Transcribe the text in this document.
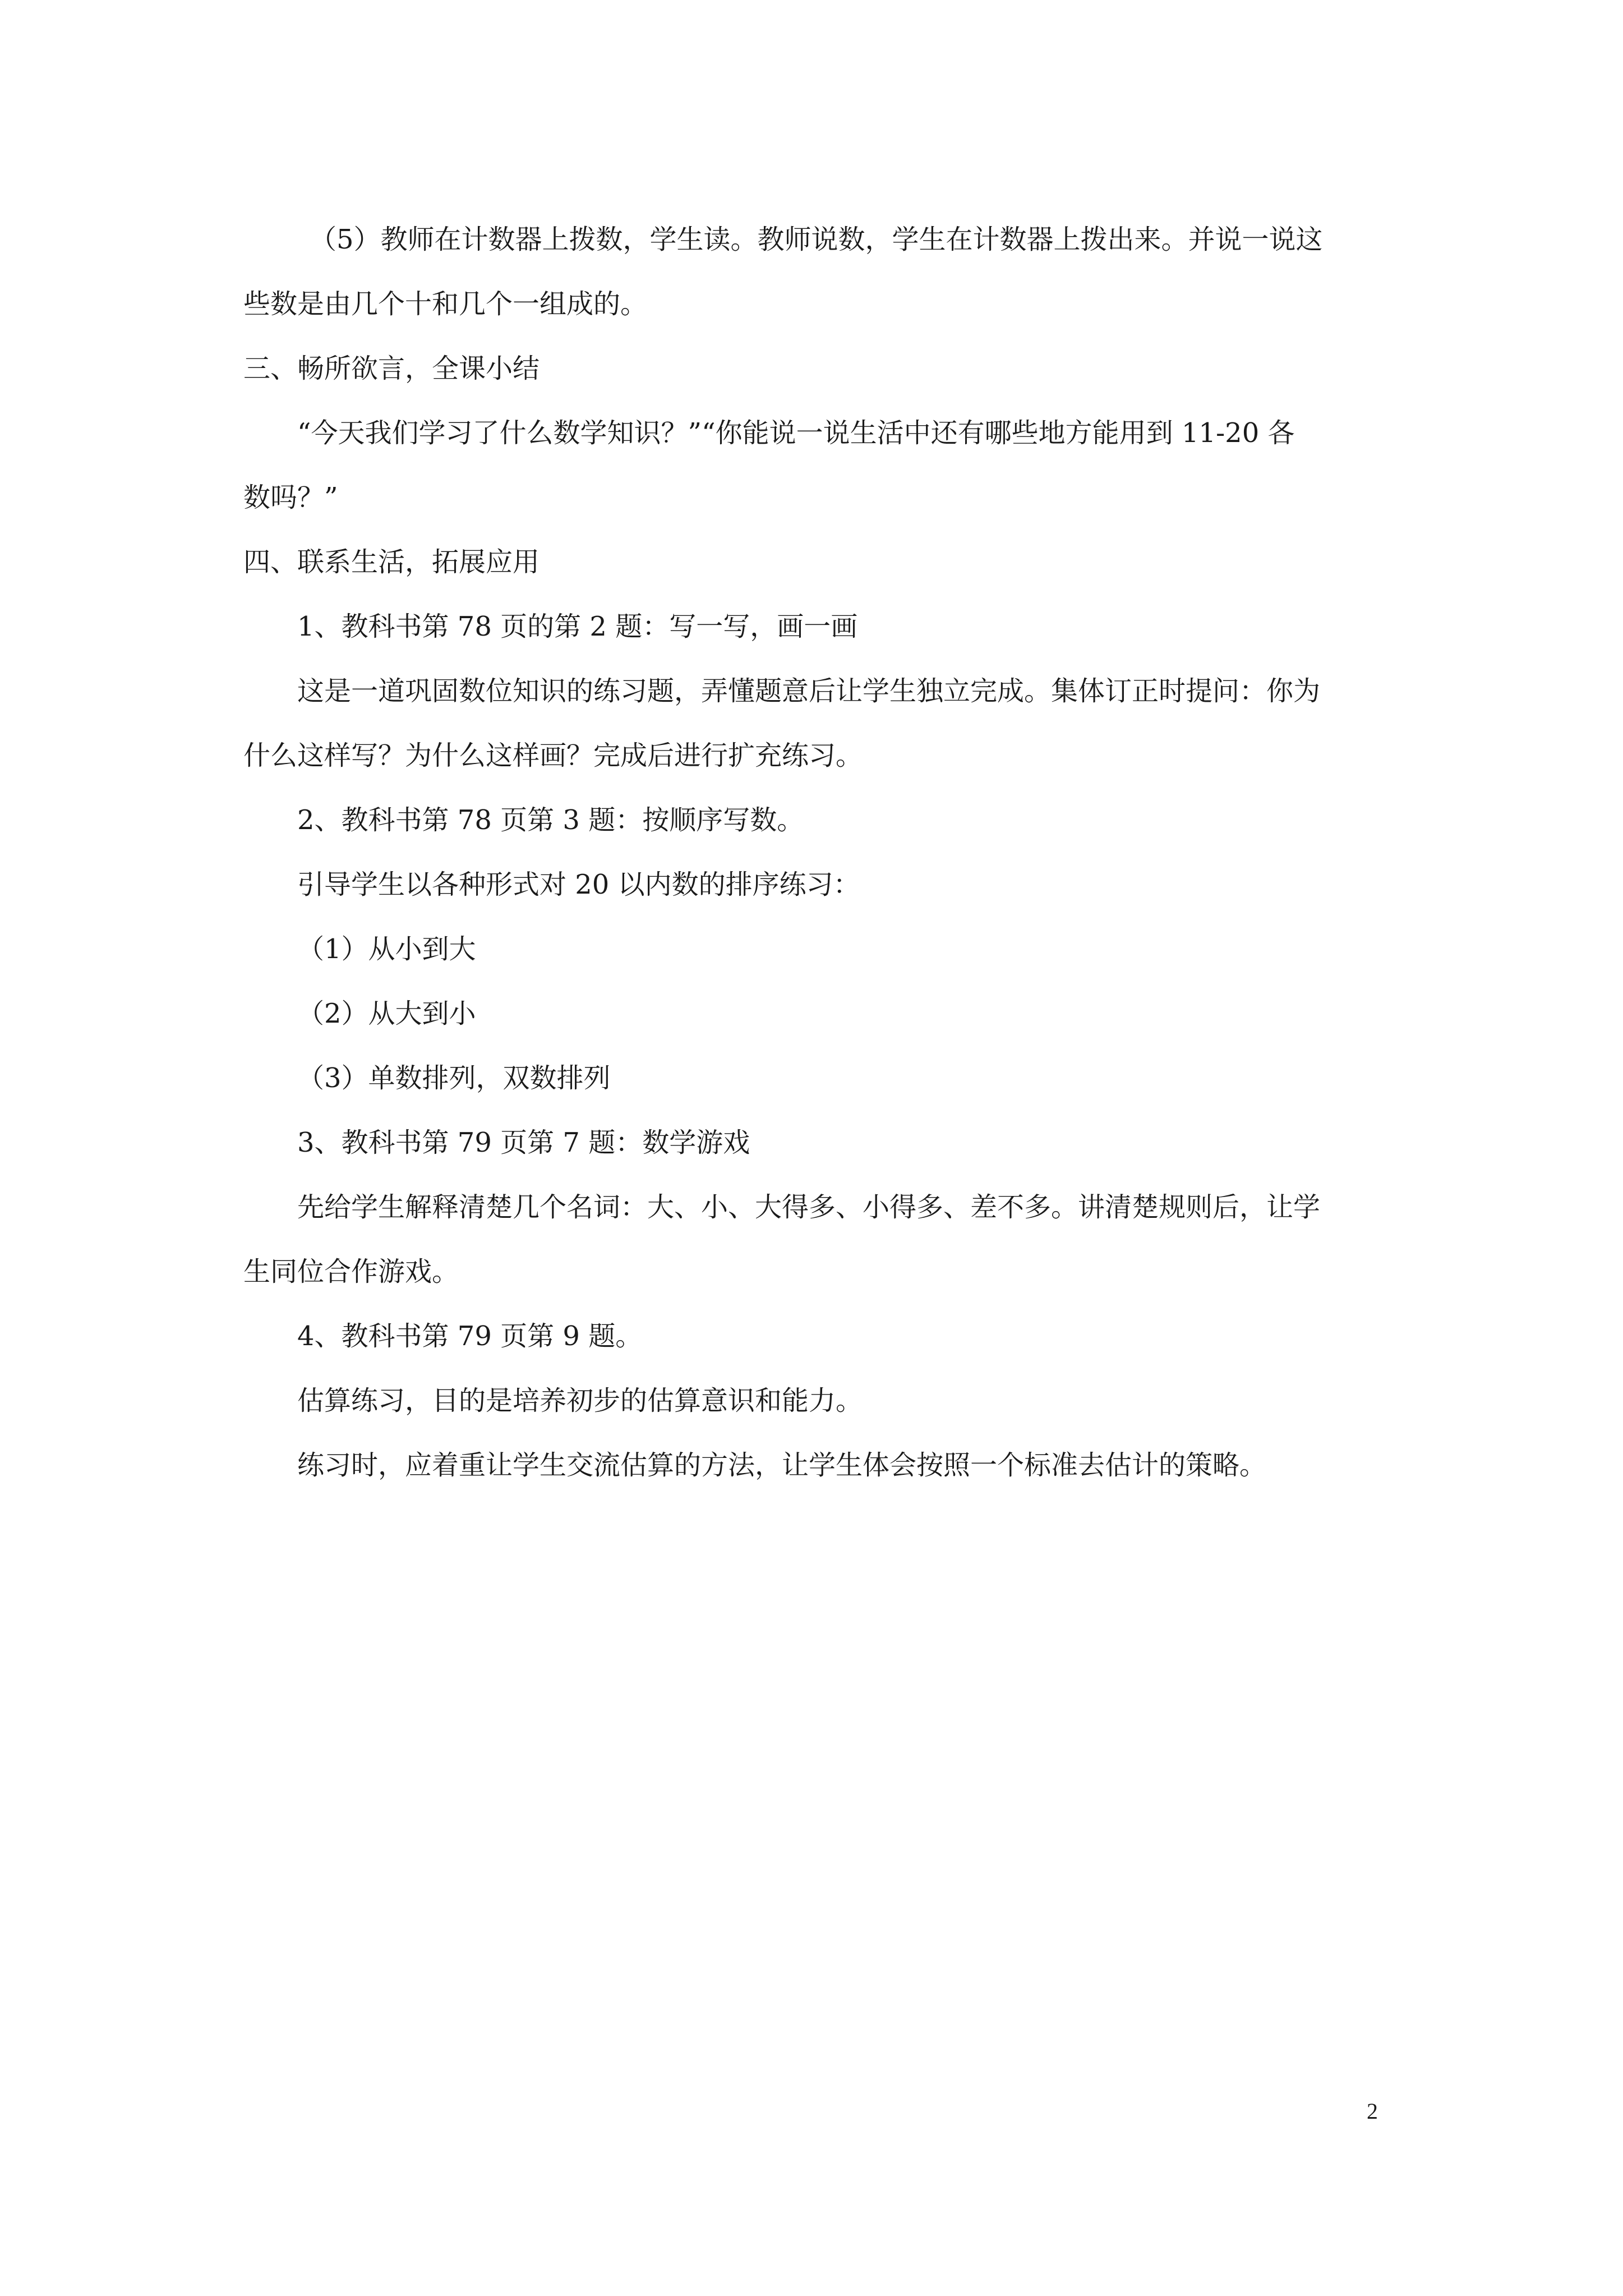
（5）教师在计数器上拨数，学生读。教师说数，学生在计数器上拨出来。并说一说这

些数是由几个十和几个一组成的。

三、畅所欲言，全课小结

“今天我们学习了什么数学知识？”“你能说一说生活中还有哪些地方能用到 11-20 各

数吗？”

四、联系生活，拓展应用

1、教科书第 78 页的第 2 题：写一写，画一画

这是一道巩固数位知识的练习题，弄懂题意后让学生独立完成。集体订正时提问：你为

什么这样写？为什么这样画？完成后进行扩充练习。

2、教科书第 78 页第 3 题：按顺序写数。

引导学生以各种形式对 20 以内数的排序练习：

（1）从小到大

（2）从大到小

（3）单数排列，双数排列

3、教科书第 79 页第 7 题：数学游戏

先给学生解释清楚几个名词：大、小、大得多、小得多、差不多。讲清楚规则后，让学

生同位合作游戏。

4、教科书第 79 页第 9 题。

估算练习，目的是培养初步的估算意识和能力。

练习时，应着重让学生交流估算的方法，让学生体会按照一个标准去估计的策略。

2
